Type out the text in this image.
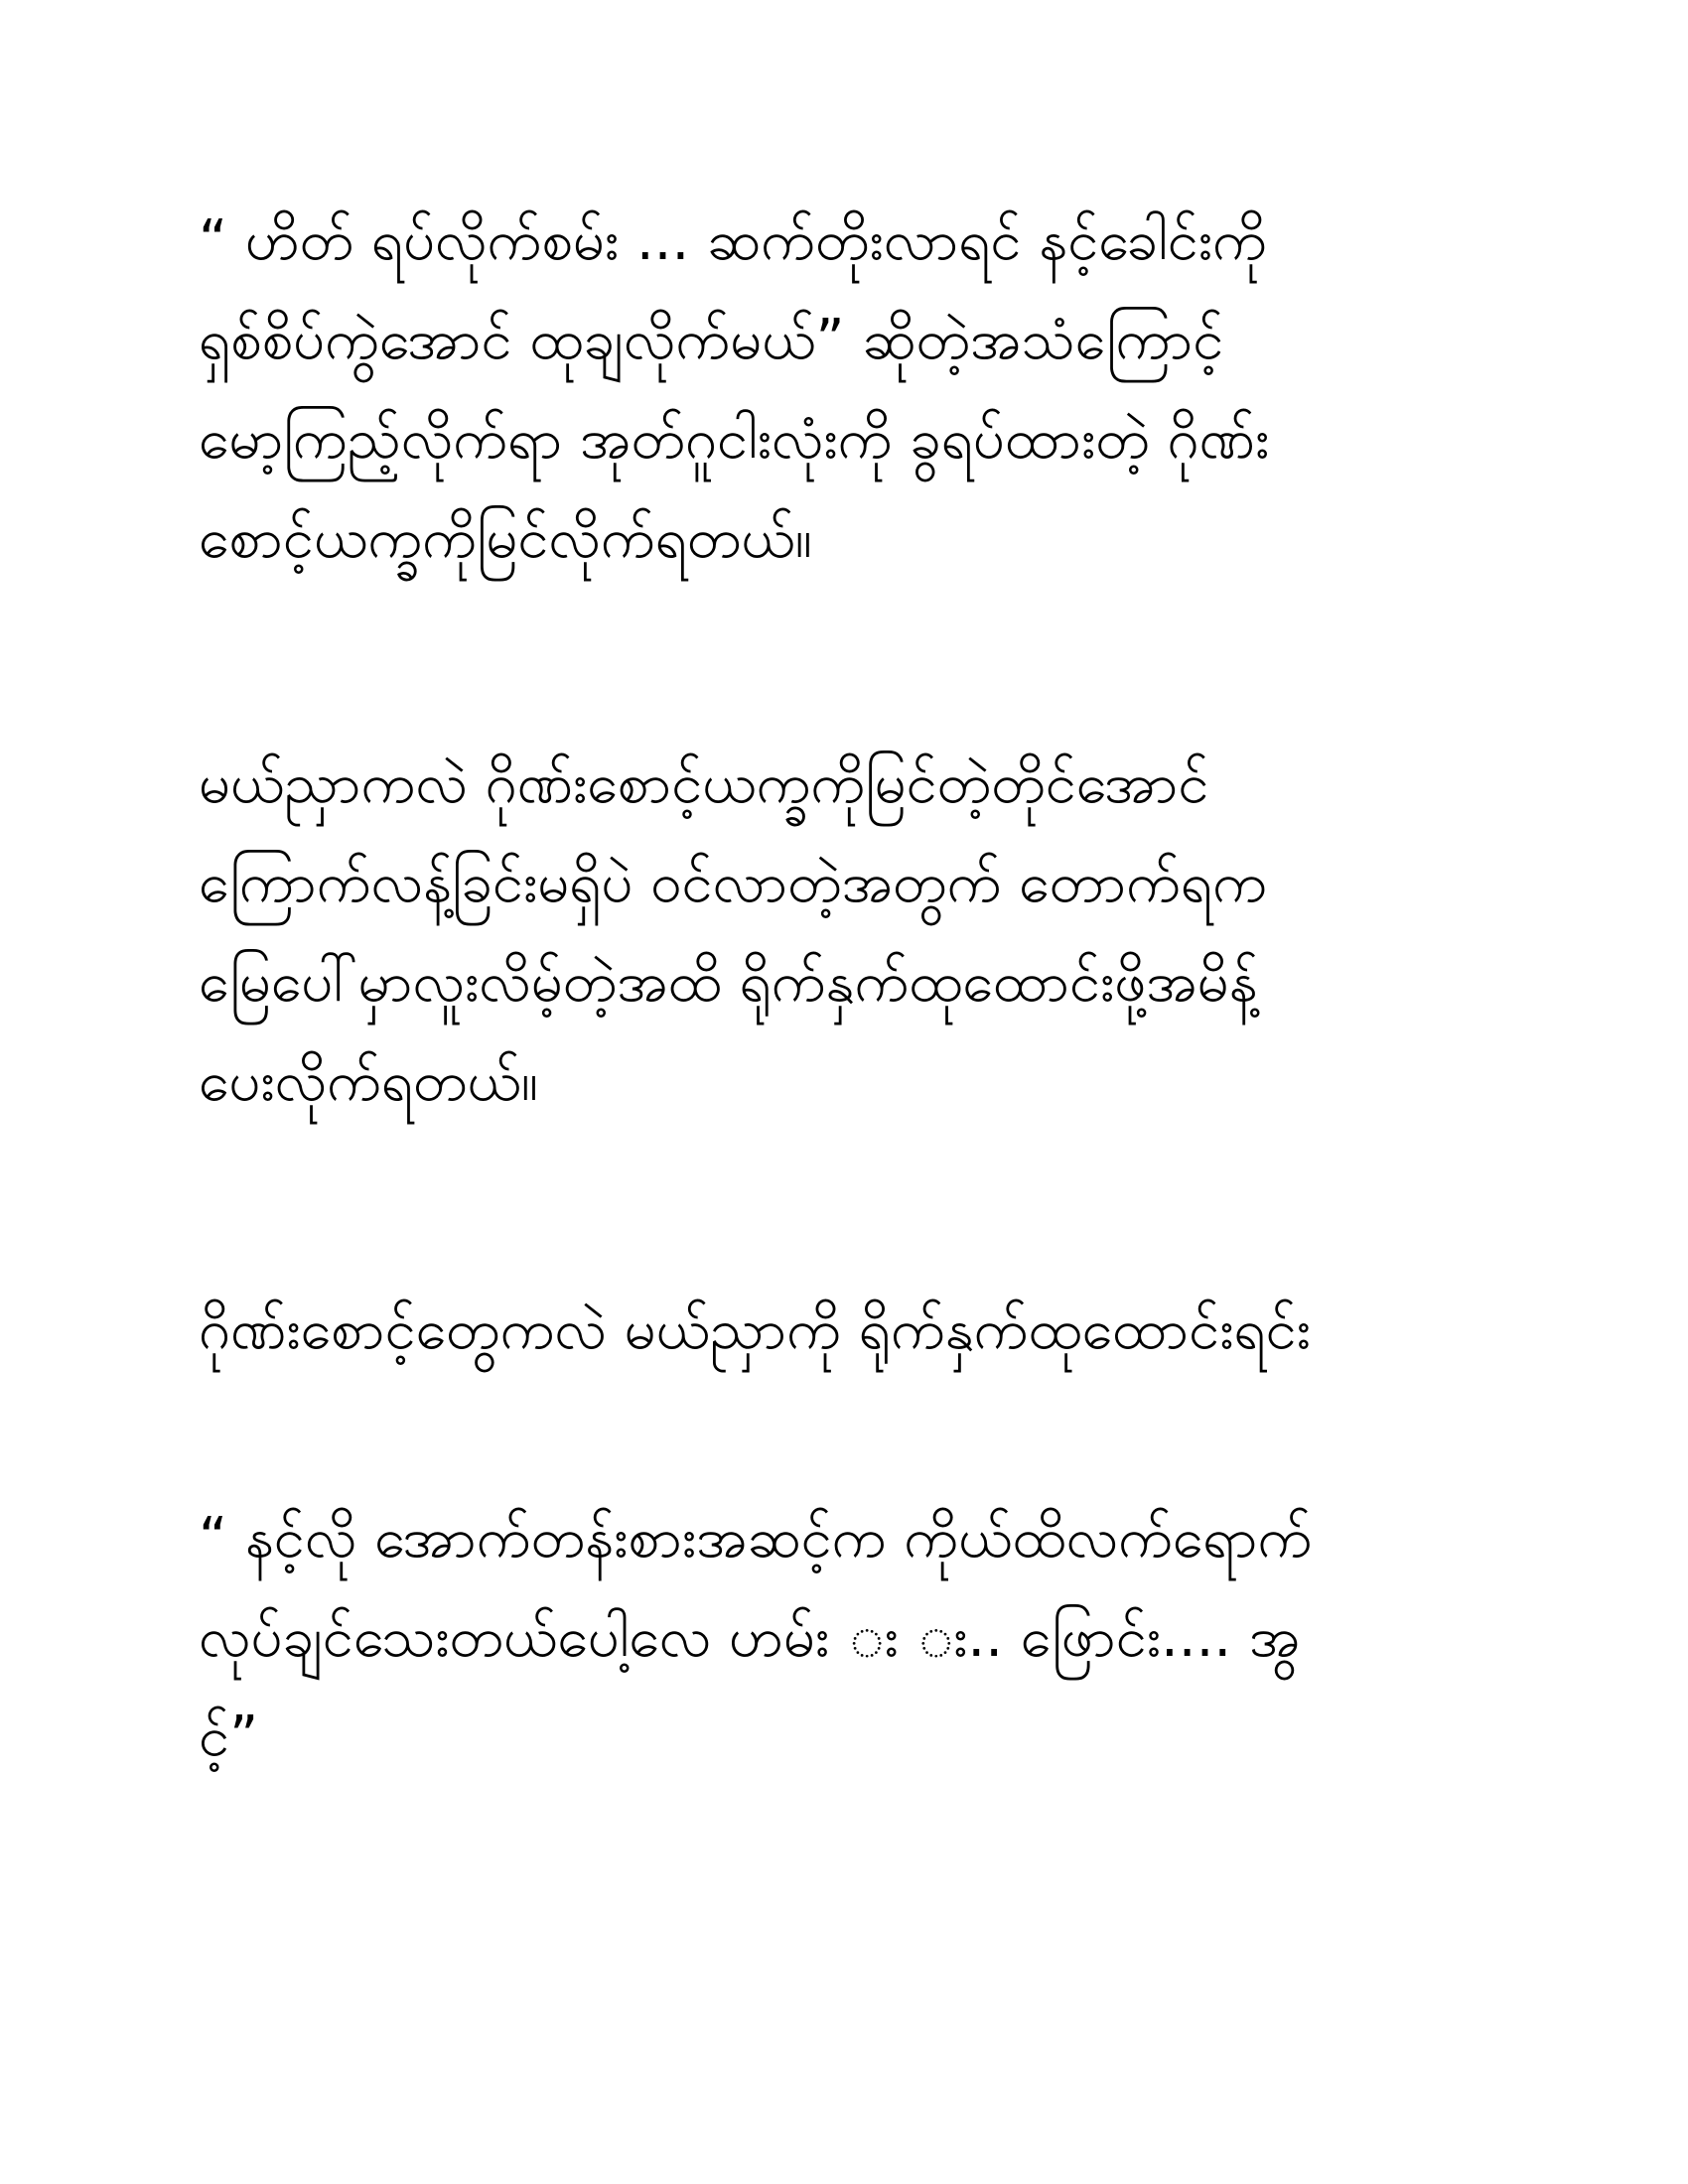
“ ဟိတ် ရပ်လိုက်စမ်း ... ဆက်တိုးလာရင် နင့်ခေါင်းကို
ရှစ်စိပ်ကွဲအောင် ထုချလိုက်မယ်” ဆိုတဲ့အသံကြောင့်
မော့ကြည့်လိုက်ရာ အုတ်ဂူငါးလုံးကို ခွရပ်ထားတဲ့ ဂိုဏ်း
စောင့်ယက္ခကိုမြင်လိုက်ရတယ်။

မယ်ညှာကလဲ ဂိုဏ်းစောင့်ယက္ခကိုမြင်တဲ့တိုင်အောင်
ကြောက်လန့်ခြင်းမရှိပဲ ဝင်လာတဲ့အတွက် တောက်ရက
မြေပေါ်မှာလူးလိမ့်တဲ့အထိ ရိုက်နှက်ထုထောင်းဖို့အမိန့်
ပေးလိုက်ရတယ်။

ဂိုဏ်းစောင့်တွေကလဲ မယ်ညှာကို ရိုက်နှက်ထုထောင်းရင်း

“ နင့်လို အောက်တန်းစားအဆင့်က ကိုယ်ထိလက်ရောက်
လုပ်ချင်သေးတယ်ပေါ့လေ ဟမ်း း း.. ဖြောင်း.... အွ
င့်”
